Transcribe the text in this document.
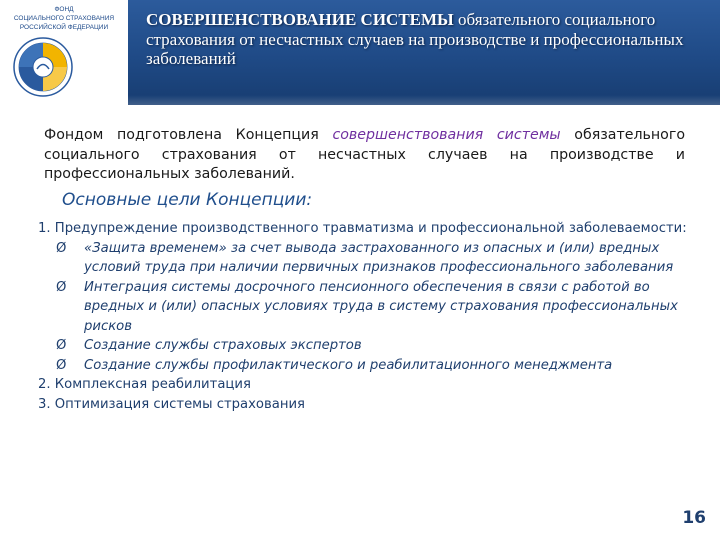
ФОНД
СОЦИАЛЬНОГО СТРАХОВАНИЯ
РОССИЙСКОЙ ФЕДЕРАЦИИ	СОВЕРШЕНСТВОВАНИЕ СИСТЕМЫ обязательного социального страхования от несчастных случаев на производстве и профессиональных заболеваний
Фондом подготовлена Концепция совершенствования системы обязательного социального страхования от несчастных случаев на производстве и профессиональных заболеваний.
Основные цели Концепции:
1. Предупреждение производственного травматизма и профессиональной заболеваемости:
Ø «Защита временем» за счет вывода застрахованного из опасных и (или) вредных условий труда при наличии первичных признаков профессионального заболевания
Ø Интеграция системы досрочного пенсионного обеспечения в связи с работой во вредных и (или) опасных условиях труда в систему страхования профессиональных рисков
Ø Создание службы страховых экспертов
Ø Создание службы профилактического и реабилитационного менеджмента
2. Комплексная реабилитация
3. Оптимизация системы страхования
16
